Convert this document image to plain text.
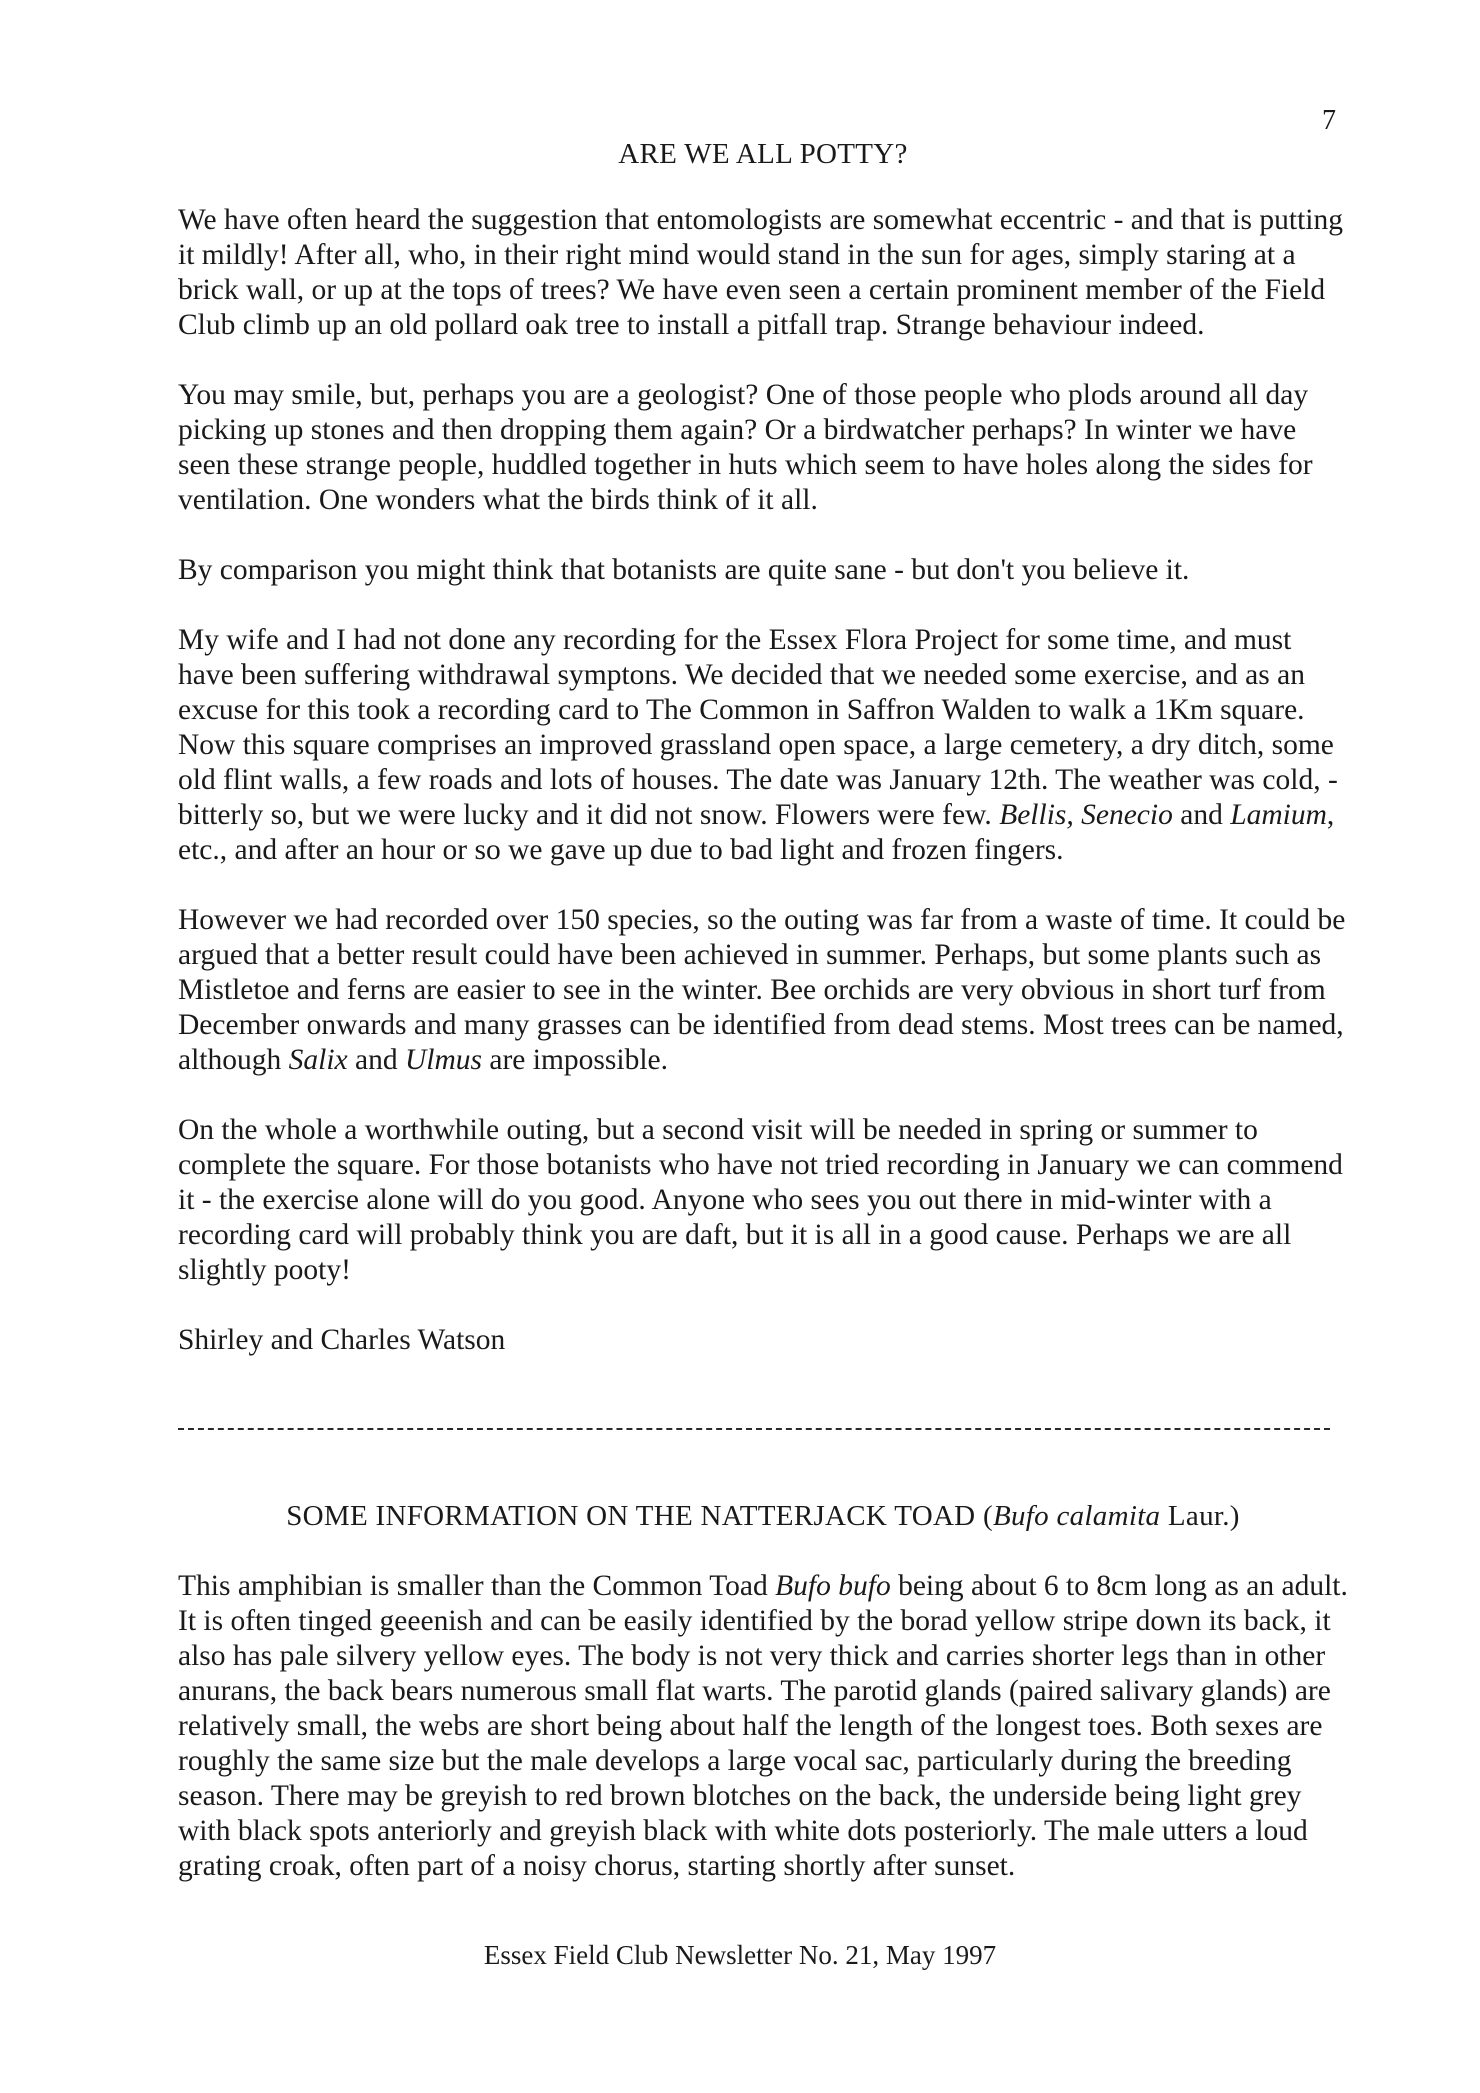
7
ARE WE ALL POTTY?

We have often heard the suggestion that entomologists are somewhat eccentric - and that is putting it mildly! After all, who, in their right mind would stand in the sun for ages, simply staring at a brick wall, or up at the tops of trees? We have even seen a certain prominent member of the Field Club climb up an old pollard oak tree to install a pitfall trap. Strange behaviour indeed.

You may smile, but, perhaps you are a geologist? One of those people who plods around all day picking up stones and then dropping them again? Or a birdwatcher perhaps? In winter we have seen these strange people, huddled together in huts which seem to have holes along the sides for ventilation. One wonders what the birds think of it all.

By comparison you might think that botanists are quite sane - but don't you believe it.

My wife and I had not done any recording for the Essex Flora Project for some time, and must have been suffering withdrawal symptons. We decided that we needed some exercise, and as an excuse for this took a recording card to The Common in Saffron Walden to walk a 1Km square. Now this square comprises an improved grassland open space, a large cemetery, a dry ditch, some old flint walls, a few roads and lots of houses. The date was January 12th. The weather was cold, - bitterly so, but we were lucky and it did not snow. Flowers were few. Bellis, Senecio and Lamium, etc., and after an hour or so we gave up due to bad light and frozen fingers.

However we had recorded over 150 species, so the outing was far from a waste of time. It could be argued that a better result could have been achieved in summer. Perhaps, but some plants such as Mistletoe and ferns are easier to see in the winter. Bee orchids are very obvious in short turf from December onwards and many grasses can be identified from dead stems. Most trees can be named, although Salix and Ulmus are impossible.

On the whole a worthwhile outing, but a second visit will be needed in spring or summer to complete the square. For those botanists who have not tried recording in January we can commend it - the exercise alone will do you good. Anyone who sees you out there in mid-winter with a recording card will probably think you are daft, but it is all in a good cause. Perhaps we are all slightly pooty!

Shirley and Charles Watson

SOME INFORMATION ON THE NATTERJACK TOAD (Bufo calamita Laur.)

This amphibian is smaller than the Common Toad Bufo bufo being about 6 to 8cm long as an adult. It is often tinged geeenish and can be easily identified by the borad yellow stripe down its back, it also has pale silvery yellow eyes. The body is not very thick and carries shorter legs than in other anurans, the back bears numerous small flat warts. The parotid glands (paired salivary glands) are relatively small, the webs are short being about half the length of the longest toes. Both sexes are roughly the same size but the male develops a large vocal sac, particularly during the breeding season. There may be greyish to red brown blotches on the back, the underside being light grey with black spots anteriorly and greyish black with white dots posteriorly. The male utters a loud grating croak, often part of a noisy chorus, starting shortly after sunset.

Essex Field Club Newsletter No. 21, May 1997
